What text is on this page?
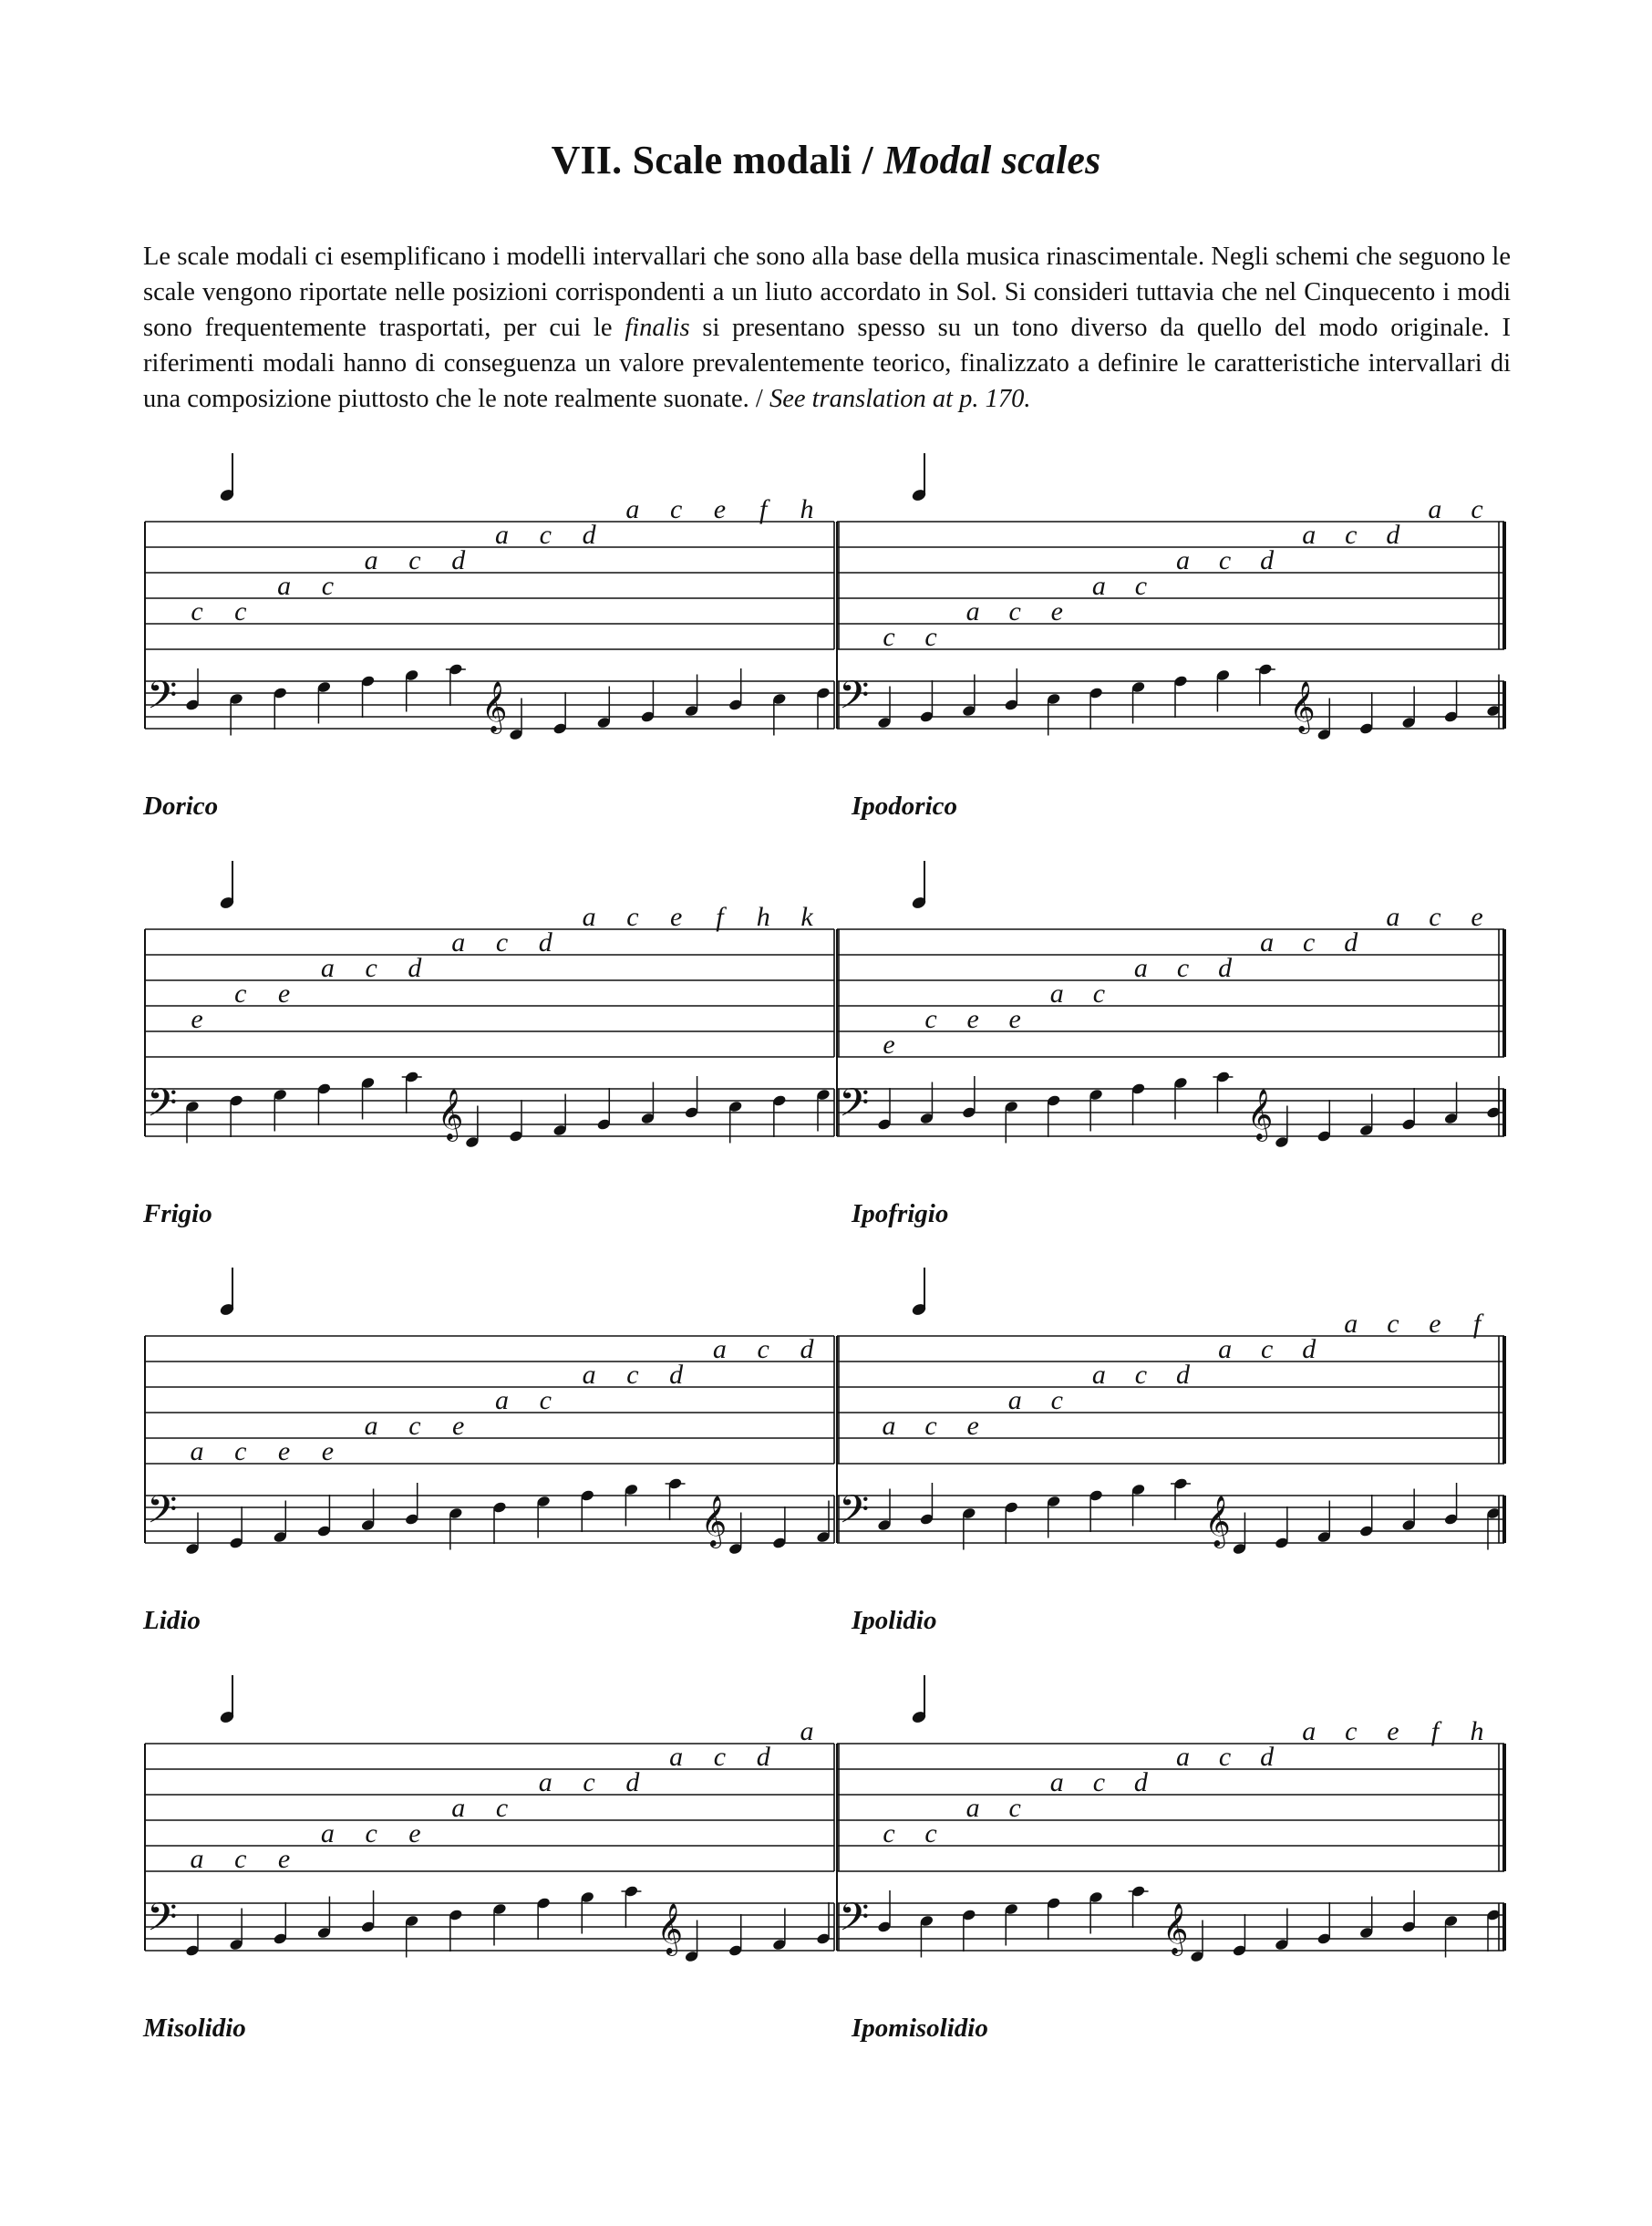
VII. Scale modali / Modal scales
Le scale modali ci esemplificano i modelli intervallari che sono alla base della musica rinascimentale. Negli schemi che seguono le scale vengono riportate nelle posizioni corrispondenti a un liuto accordato in Sol. Si consideri tuttavia che nel Cinquecento i modi sono frequentemente trasportati, per cui le finalis si presentano spesso su un tono diverso da quello del modo originale. I riferimenti modali hanno di conseguenza un valore prevalentemente teorico, finalizzato a definire le caratteristiche intervallari di una composizione piuttosto che le note realmente suonate. / See translation at p. 170.
c c
a c
a c d
a c d
a c e f h
𝄢	𝄞
Dorico
c c
a c e
a c
a c d
a c d
a c
𝄢	𝄞
Ipodorico
e
c e
a c d
a c d
a c e f h k
𝄢	𝄞
Frigio
e
c e e
a c
a c d
a c d
a c e
𝄢	𝄞
Ipofrigio
a c e e
a c e
a c
a c d
a c d
𝄢	𝄞
Lidio
a c e
a c
a c d
a c d
a c e f
𝄢	𝄞
Ipolidio
a c e
a c e
a c
a c d
a c d
a
𝄢	𝄞
Misolidio
c c
a c
a c d
a c d
a c e f h
𝄢	𝄞
Ipomisolidio
